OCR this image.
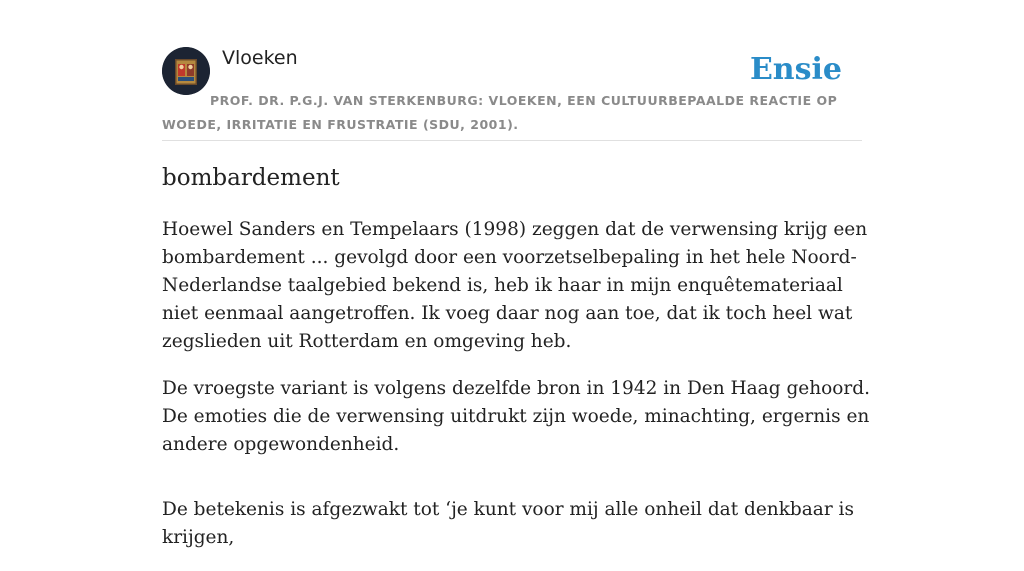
Vloeken	Ensie

PROF. DR. P.G.J. VAN STERKENBURG: VLOEKEN, EEN CULTUURBEPAALDE REACTIE OP WOEDE, IRRITATIE EN FRUSTRATIE (SDU, 2001).

bombardement

Hoewel Sanders en Tempelaars (1998) zeggen dat de verwensing krijg een bombardement ... gevolgd door een voorzetselbepaling in het hele Noord-Nederlandse taalgebied bekend is, heb ik haar in mijn enquêtemateriaal niet eenmaal aangetroffen. Ik voeg daar nog aan toe, dat ik toch heel wat zegslieden uit Rotterdam en omgeving heb.

De vroegste variant is volgens dezelfde bron in 1942 in Den Haag gehoord. De emoties die de verwensing uitdrukt zijn woede, minachting, ergernis en andere opgewondenheid.

De betekenis is afgezwakt tot ‘je kunt voor mij alle onheil dat denkbaar is krijgen,
